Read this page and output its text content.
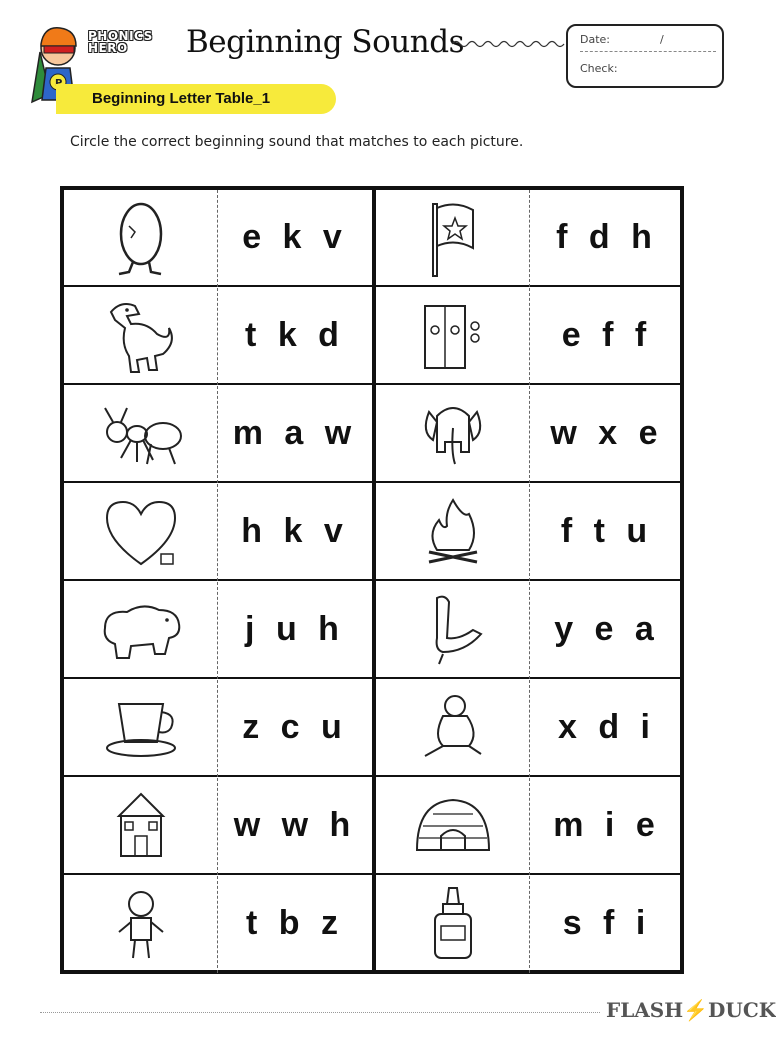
PHONICS
HERO	Beginning Sounds	Date:	/
Check:
Beginning Letter Table_1
Circle the correct beginning sound that matches to each picture.
e k v
t k d
m a w
h k v
j u h
z c u
w w h
t b z
f d h
e f f
w x e
f t u
y e a
x d i
m i e
s f i
FLASH⚡DUCK
